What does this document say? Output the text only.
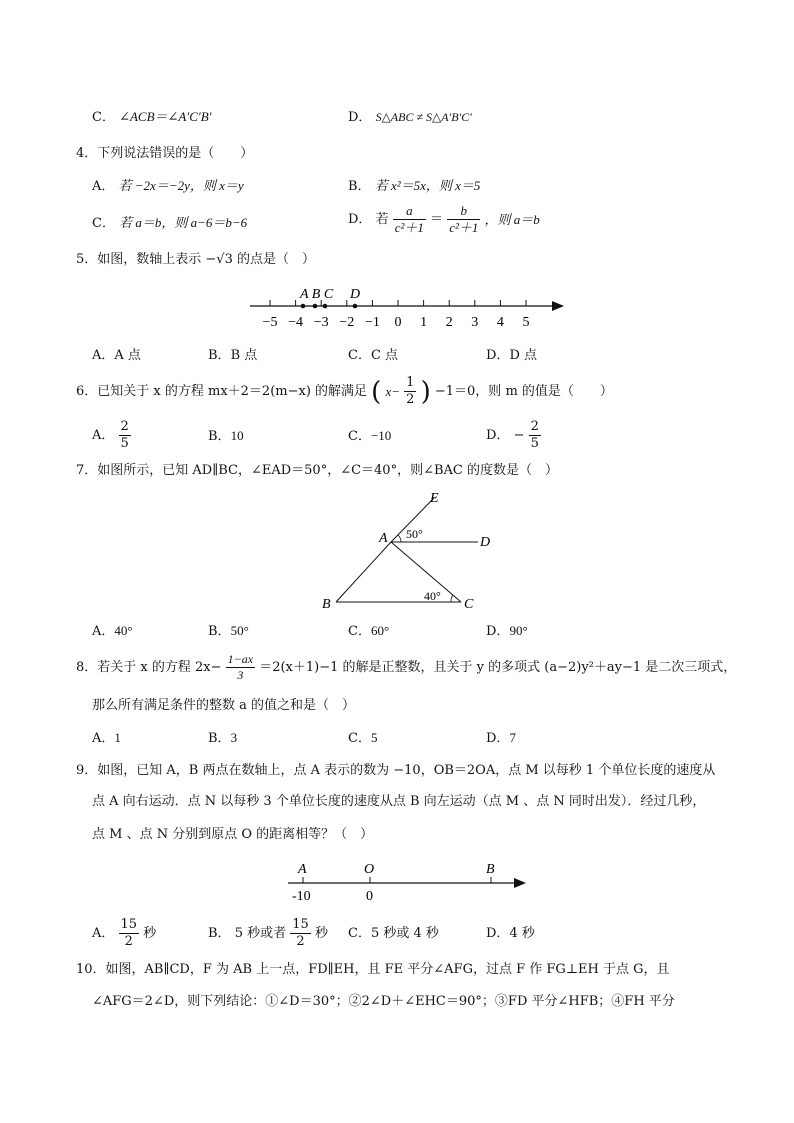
C． ∠ACB＝∠A′C′B′	D． S△ABC ≠ S△A′B′C′
4．下列说法错误的是（　　）
A． 若 −2x＝−2y，则 x＝y	B． 若 x²＝5x，则 x＝5
C． 若 a＝b，则 a−6＝b−6	D． 若 $\frac{a}{\text{c²＋1}} = \frac{b}{\text{c²＋1}}$ ，则 a＝b
5．如图，数轴上表示 −√3 的点是（　）
A B C D
−5 −4 −3 −2 −1 0 1 2 3 4 5
A．A 点	B．B 点	C．C 点	D．D 点
6．已知关于 x 的方程 mx＋2＝2(m−x) 的解满足 ( $x- \frac{1}{2}$ ) −1＝0，则 m 的值是（　　）
A． $\frac{2}{5}$	B．10	C．−10	D． − $\frac{2}{5}$
7．如图所示，已知 AD∥BC，∠EAD＝50°，∠C＝40°，则∠BAC 的度数是（　）
E
A	D
B	C
50°
40°
A．40°	B．50°	C．60°	D．90°
8．若关于 x 的方程 $2x- \frac{1-ax}{3} =2(x+1)-1$ 的解是正整数，且关于 y 的多项式 (a−2)y²＋ay−1 是二次三项式，
那么所有满足条件的整数 a 的值之和是（　）
A．1	B．3	C．5	D．7
9．如图，已知 A，B 两点在数轴上，点 A 表示的数为 −10，OB＝2OA，点 M 以每秒 1 个单位长度的速度从
点 A 向右运动．点 N 以每秒 3 个单位长度的速度从点 B 向左运动（点 M 、点 N 同时出发）．经过几秒，
点 M 、点 N 分别到原点 O 的距离相等？（　）
A	O	B
-10	0
A． $\frac{15}{2}$ 秒	B． 5 秒或者 $\frac{15}{2}$ 秒 C．5 秒或 4 秒	D．4 秒
10．如图，AB∥CD，F 为 AB 上一点，FD∥EH，且 FE 平分∠AFG，过点 F 作 FG⊥EH 于点 G，且
∠AFG＝2∠D，则下列结论：①∠D＝30°；②2∠D＋∠EHC＝90°；③FD 平分∠HFB；④FH 平分
